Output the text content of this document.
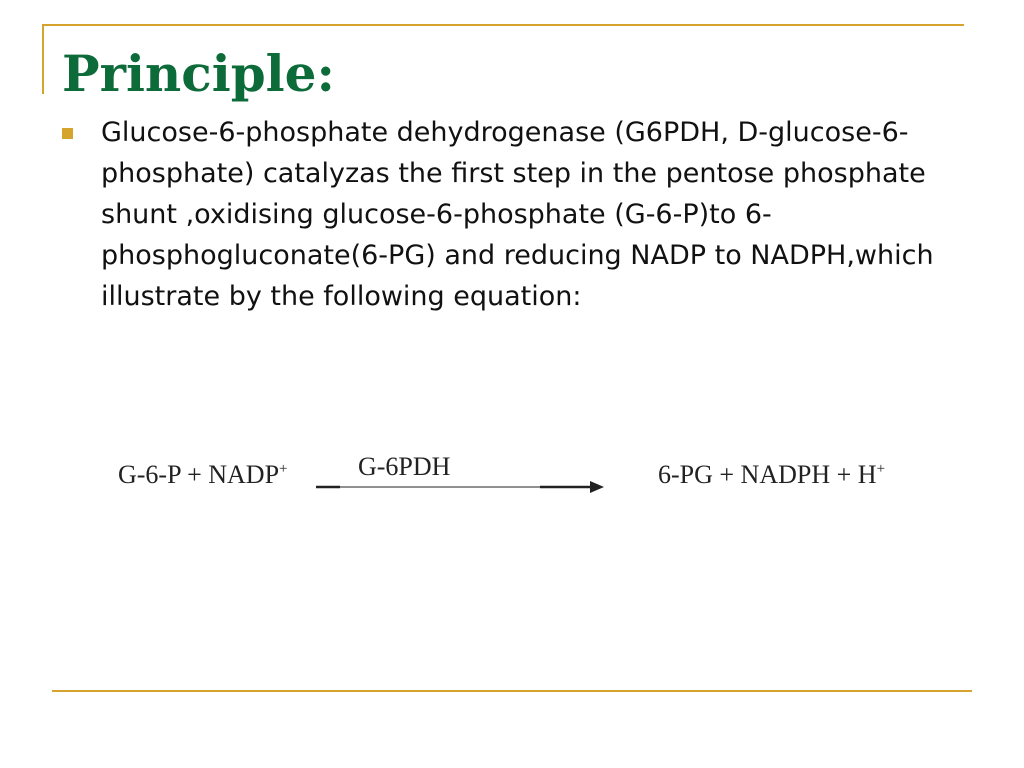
Principle:

Glucose-6-phosphate dehydrogenase (G6PDH, D-glucose-6-phosphate) catalyzas the first step in the pentose phosphate shunt ,oxidising glucose-6-phosphate (G-6-P)to 6-phosphogluconate(6-PG) and reducing NADP to NADPH,which illustrate by the following equation:

G-6-P + NADP+	G-6PDH	6-PG + NADPH + H+
